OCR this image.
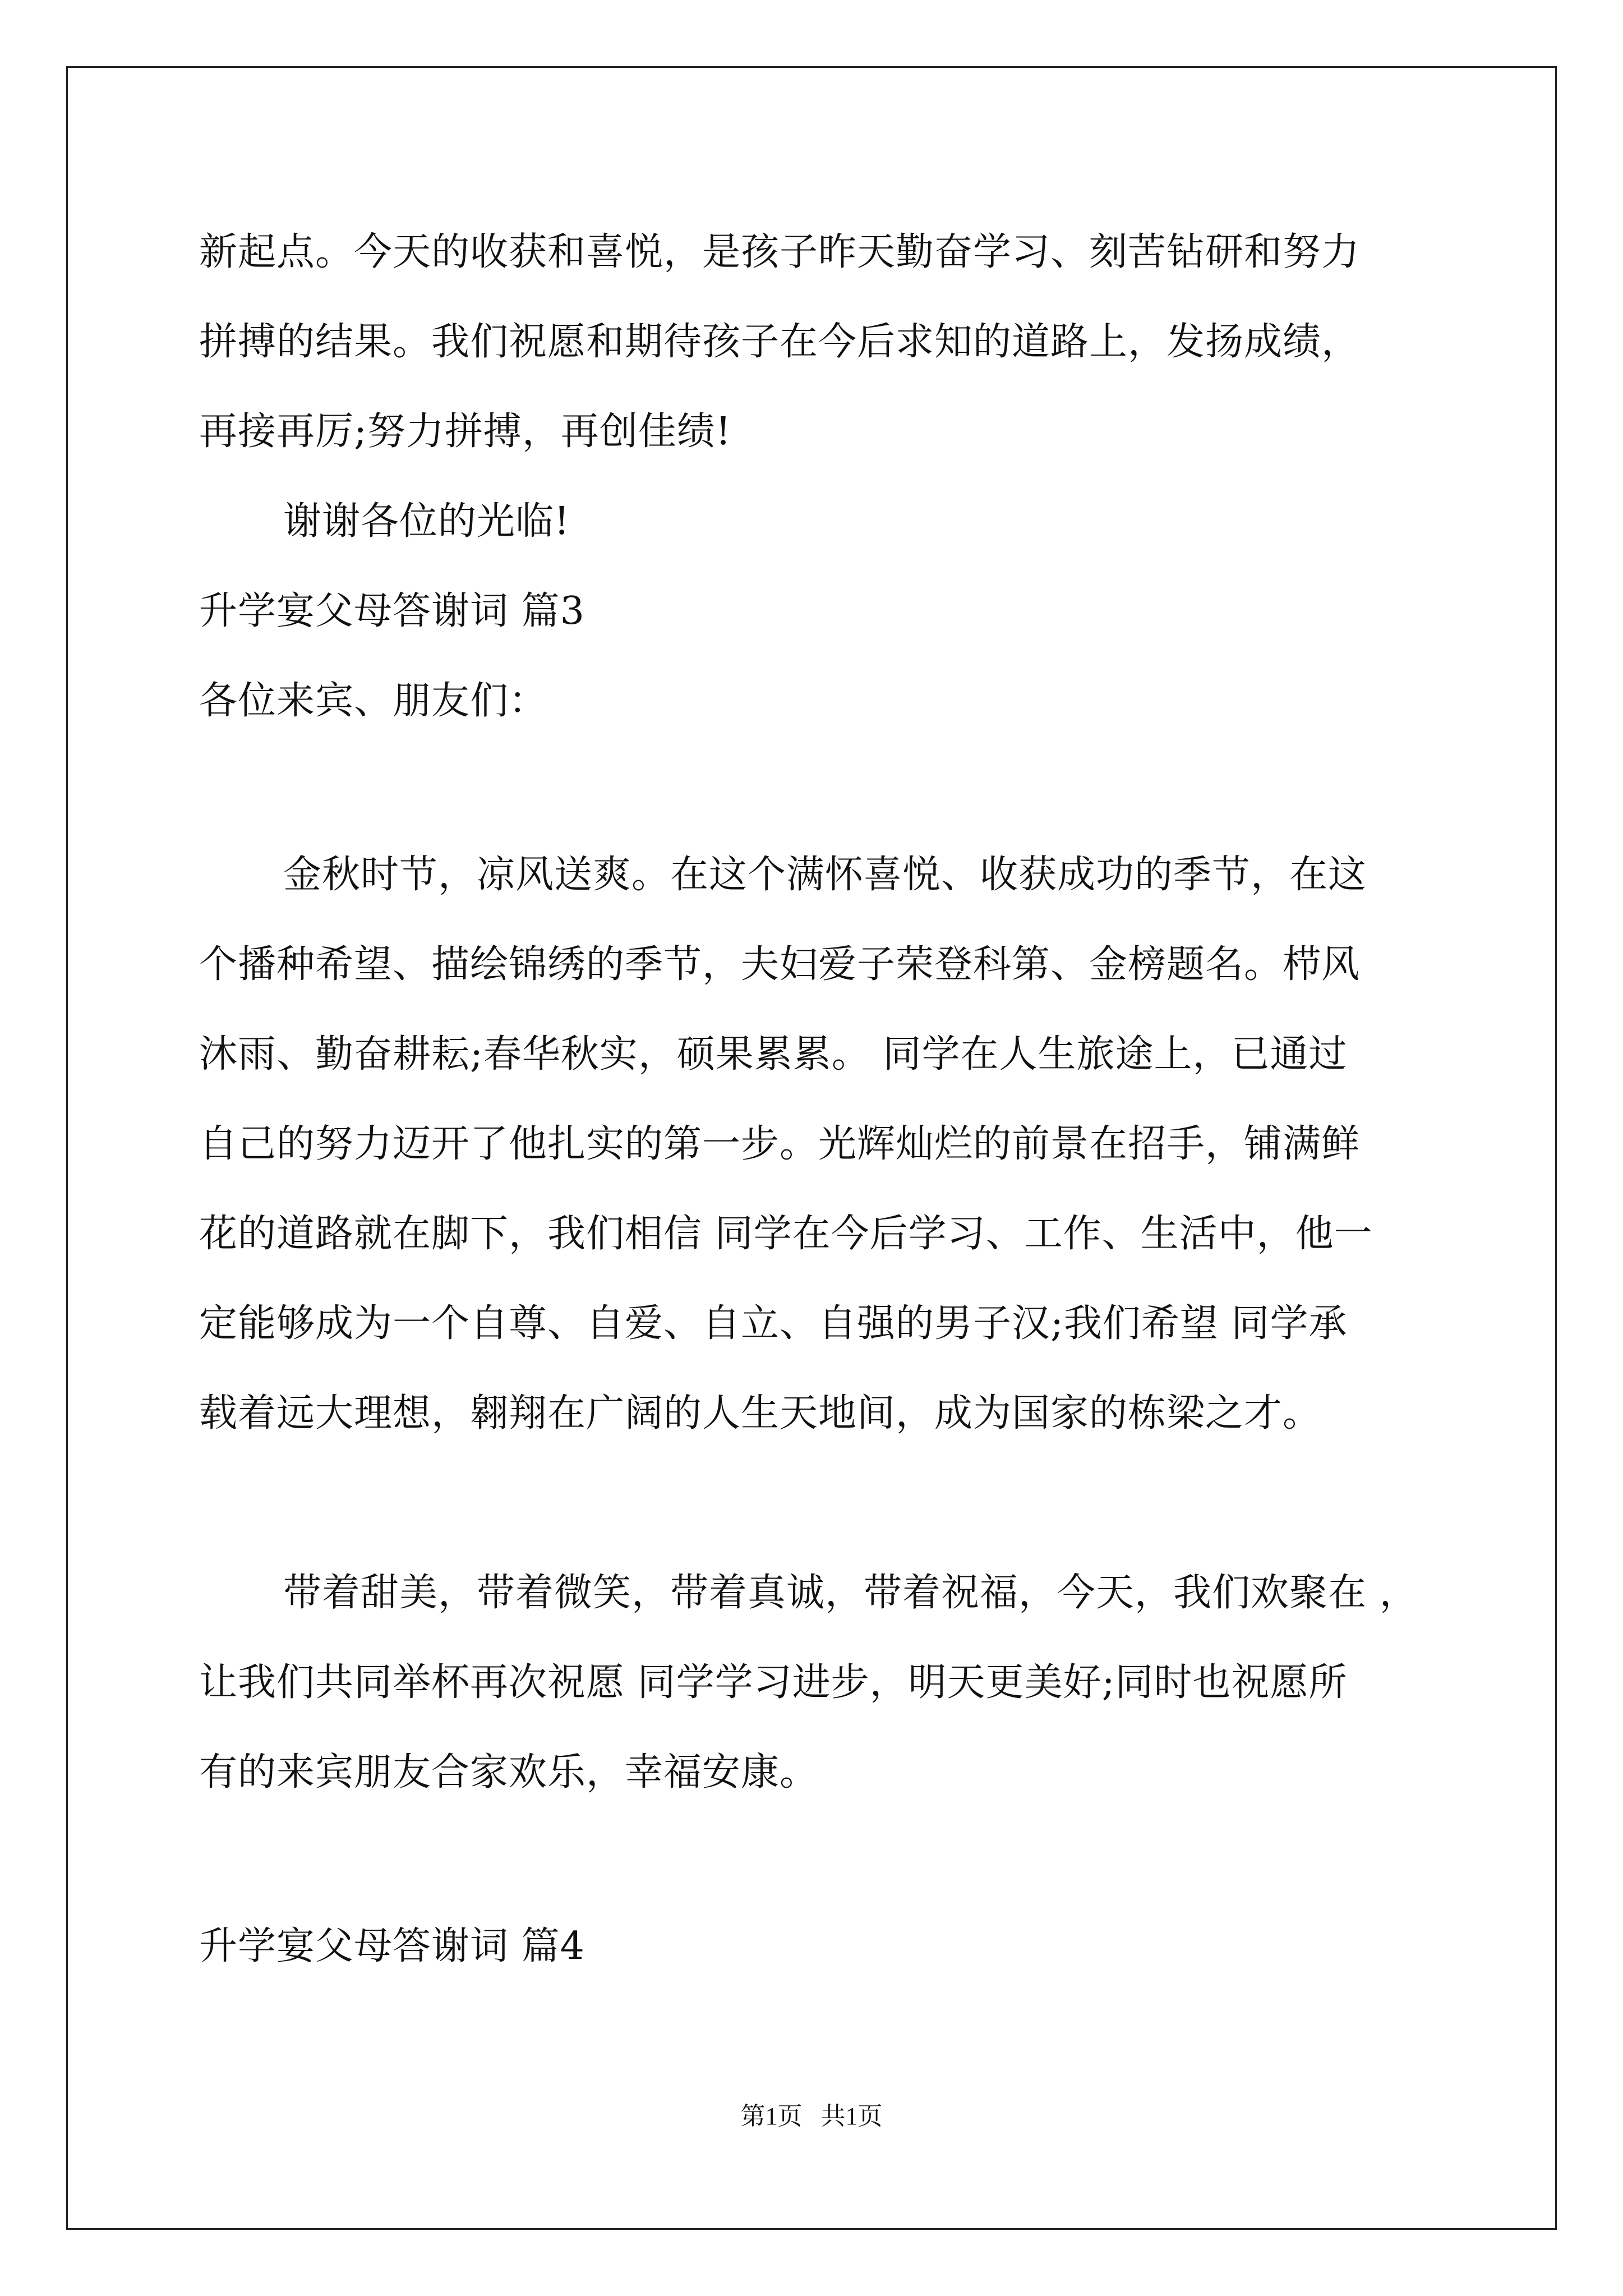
新起点。今天的收获和喜悦，是孩子昨天勤奋学习、刻苦钻研和努力
拼搏的结果。我们祝愿和期待孩子在今后求知的道路上，发扬成绩，
再接再厉;努力拼搏，再创佳绩!
谢谢各位的光临!
升学宴父母答谢词 篇3
各位来宾、朋友们：
金秋时节，凉风送爽。在这个满怀喜悦、收获成功的季节，在这
个播种希望、描绘锦绣的季节，夫妇爱子荣登科第、金榜题名。栉风
沐雨、勤奋耕耘;春华秋实，硕果累累。 同学在人生旅途上，已通过
自己的努力迈开了他扎实的第一步。光辉灿烂的前景在招手，铺满鲜
花的道路就在脚下，我们相信 同学在今后学习、工作、生活中，他一
定能够成为一个自尊、自爱、自立、自强的男子汉;我们希望 同学承
载着远大理想，翱翔在广阔的人生天地间，成为国家的栋梁之才。
带着甜美，带着微笑，带着真诚，带着祝福，今天，我们欢聚在 ，
让我们共同举杯再次祝愿 同学学习进步，明天更美好;同时也祝愿所
有的来宾朋友合家欢乐，幸福安康。
升学宴父母答谢词 篇4
第1页   共1页
